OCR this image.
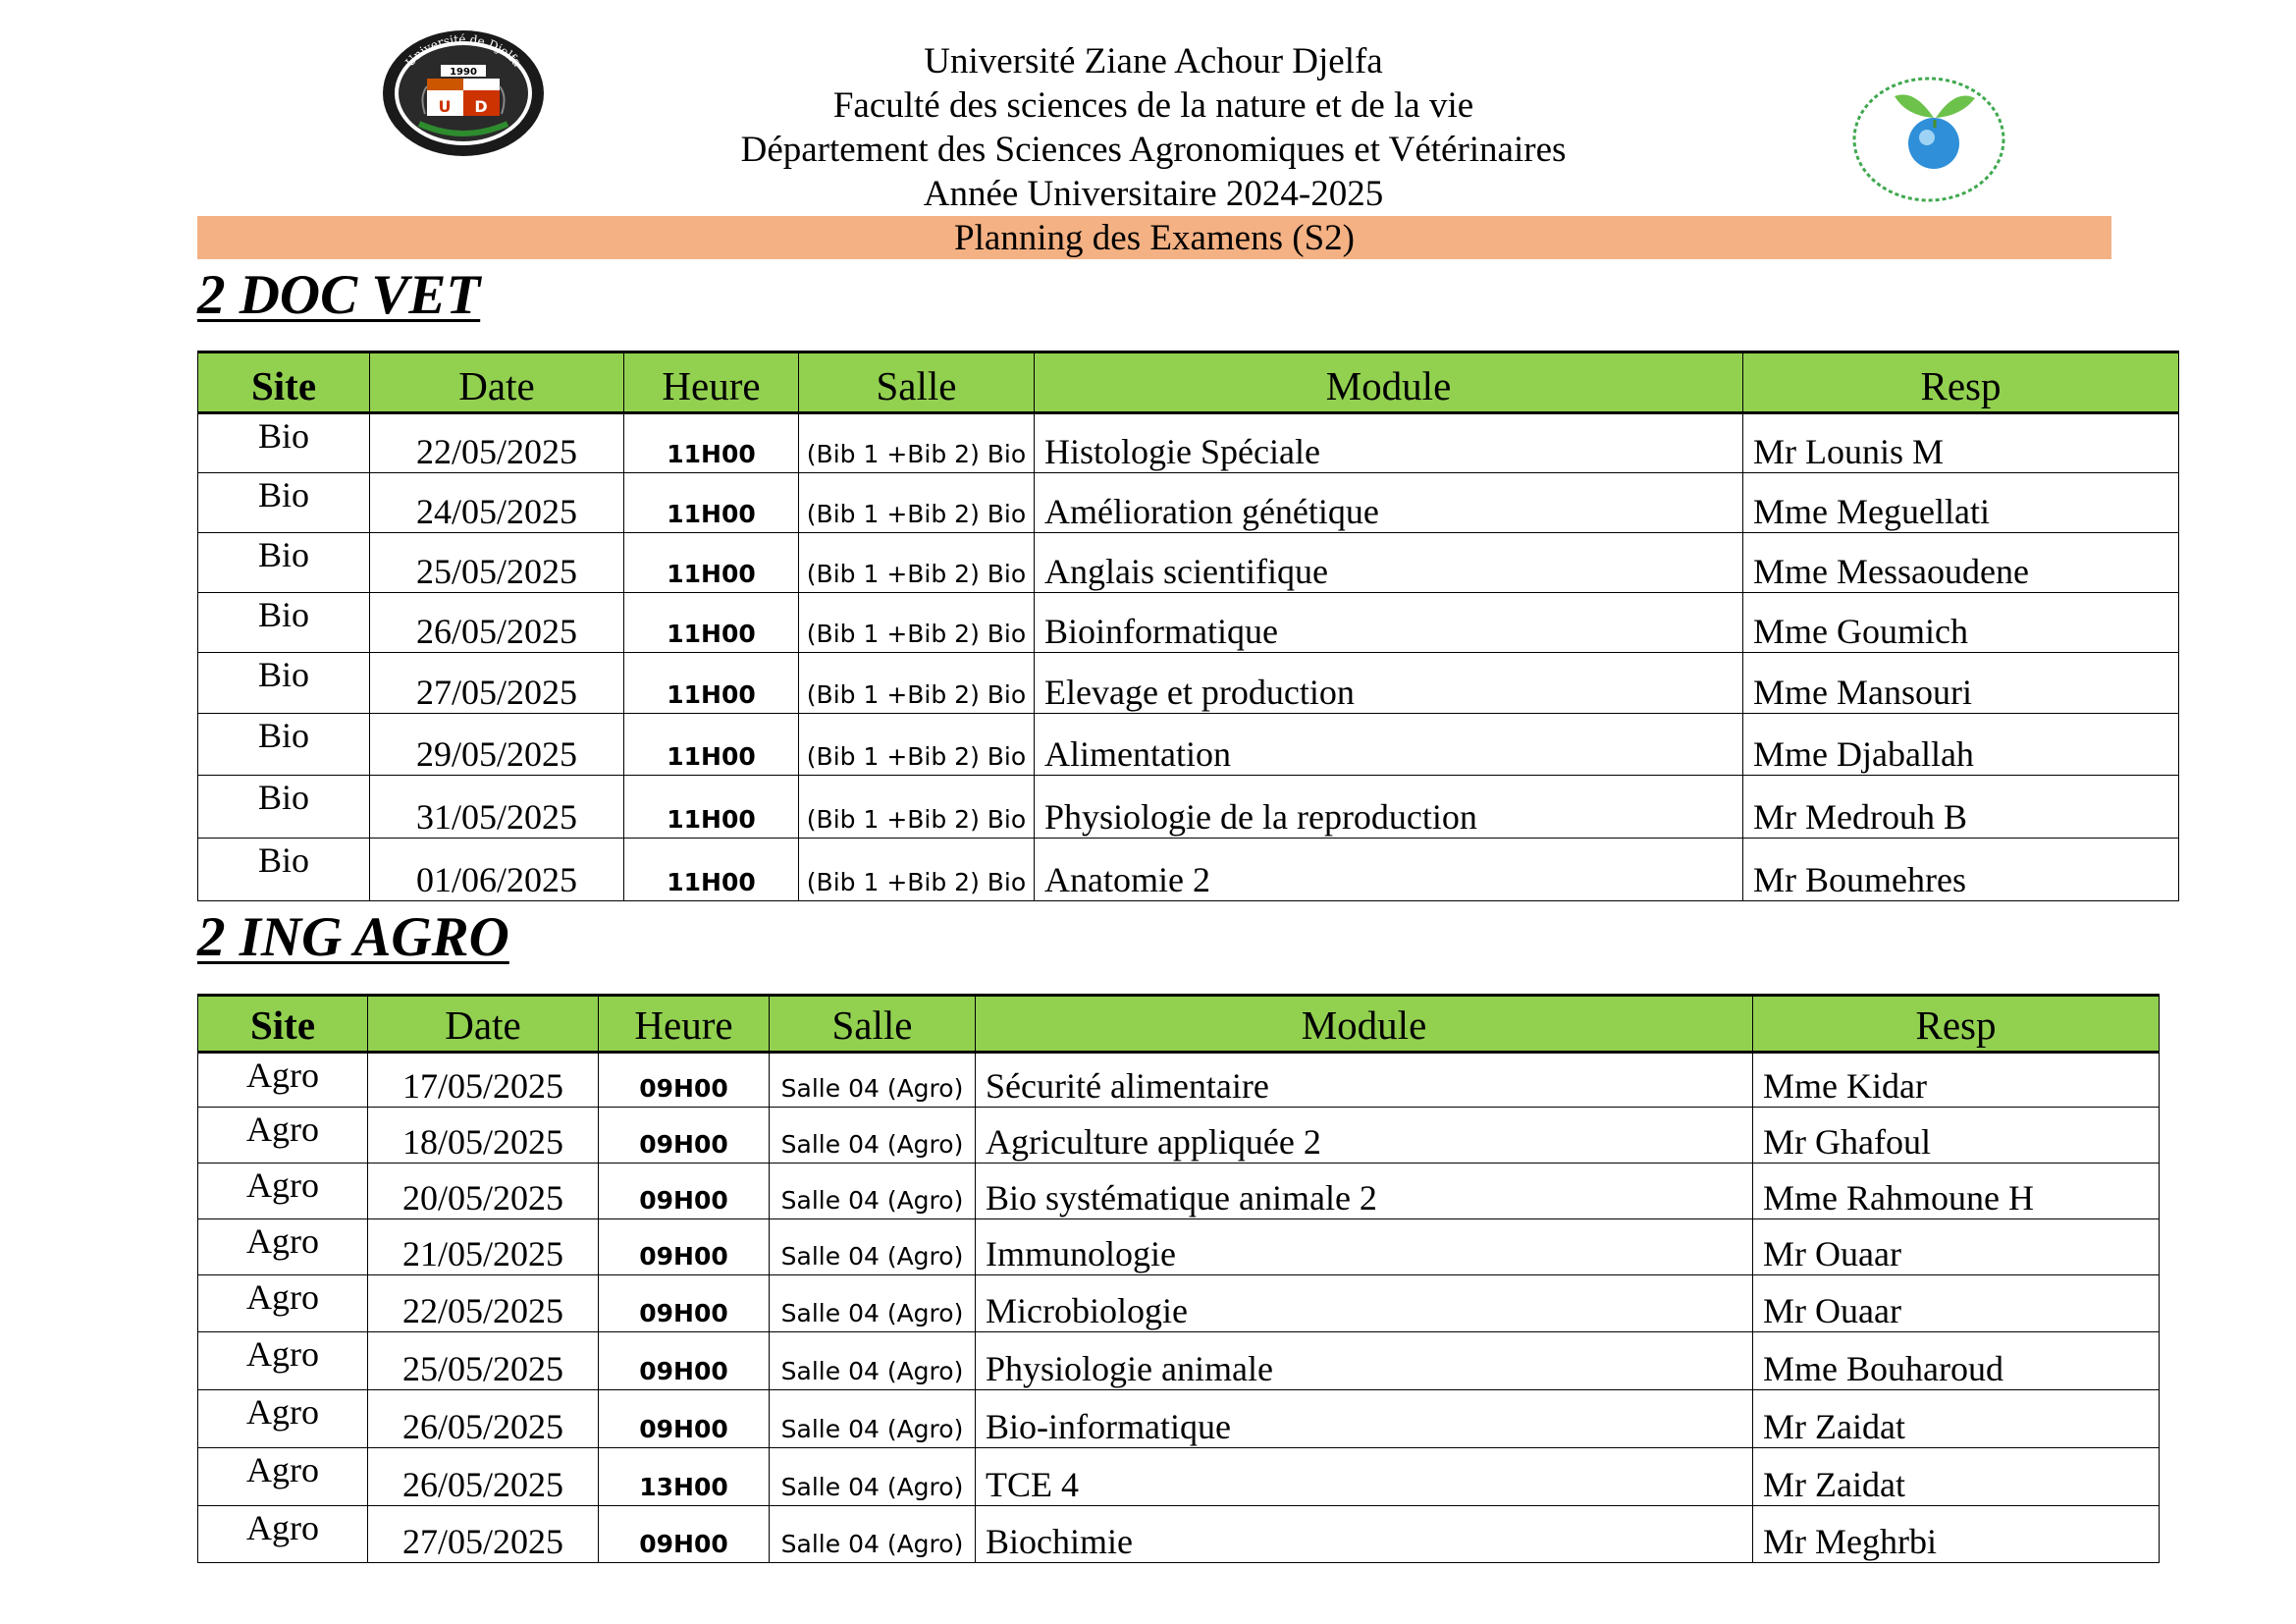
Université de Djelfa
1990
U D
Université Ziane Achour Djelfa
Faculté des sciences de la nature et de la vie
Département des Sciences Agronomiques et Vétérinaires
Année Universitaire 2024-2025
Planning des Examens (S2)
2 DOC VET
Site	Date	Heure	Salle	Module	Resp
Bio	22/05/2025	11H00	(Bib 1 +Bib 2) Bio	Histologie Spéciale	Mr Lounis M
Bio	24/05/2025	11H00	(Bib 1 +Bib 2) Bio	Amélioration génétique	Mme Meguellati
Bio	25/05/2025	11H00	(Bib 1 +Bib 2) Bio	Anglais scientifique	Mme Messaoudene
Bio	26/05/2025	11H00	(Bib 1 +Bib 2) Bio	Bioinformatique	Mme Goumich
Bio	27/05/2025	11H00	(Bib 1 +Bib 2) Bio	Elevage et production	Mme Mansouri
Bio	29/05/2025	11H00	(Bib 1 +Bib 2) Bio	Alimentation	Mme Djaballah
Bio	31/05/2025	11H00	(Bib 1 +Bib 2) Bio	Physiologie de la reproduction	Mr Medrouh B
Bio	01/06/2025	11H00	(Bib 1 +Bib 2) Bio	Anatomie 2	Mr Boumehres
2 ING AGRO
Site	Date	Heure	Salle	Module	Resp
Agro	17/05/2025	09H00	Salle 04 (Agro)	Sécurité alimentaire	Mme Kidar
Agro	18/05/2025	09H00	Salle 04 (Agro)	Agriculture appliquée 2	Mr Ghafoul
Agro	20/05/2025	09H00	Salle 04 (Agro)	Bio systématique animale 2	Mme Rahmoune H
Agro	21/05/2025	09H00	Salle 04 (Agro)	Immunologie	Mr Ouaar
Agro	22/05/2025	09H00	Salle 04 (Agro)	Microbiologie	Mr Ouaar
Agro	25/05/2025	09H00	Salle 04 (Agro)	Physiologie animale	Mme Bouharoud
Agro	26/05/2025	09H00	Salle 04 (Agro)	Bio-informatique	Mr Zaidat
Agro	26/05/2025	13H00	Salle 04 (Agro)	TCE 4	Mr Zaidat
Agro	27/05/2025	09H00	Salle 04 (Agro)	Biochimie	Mr Meghrbi
